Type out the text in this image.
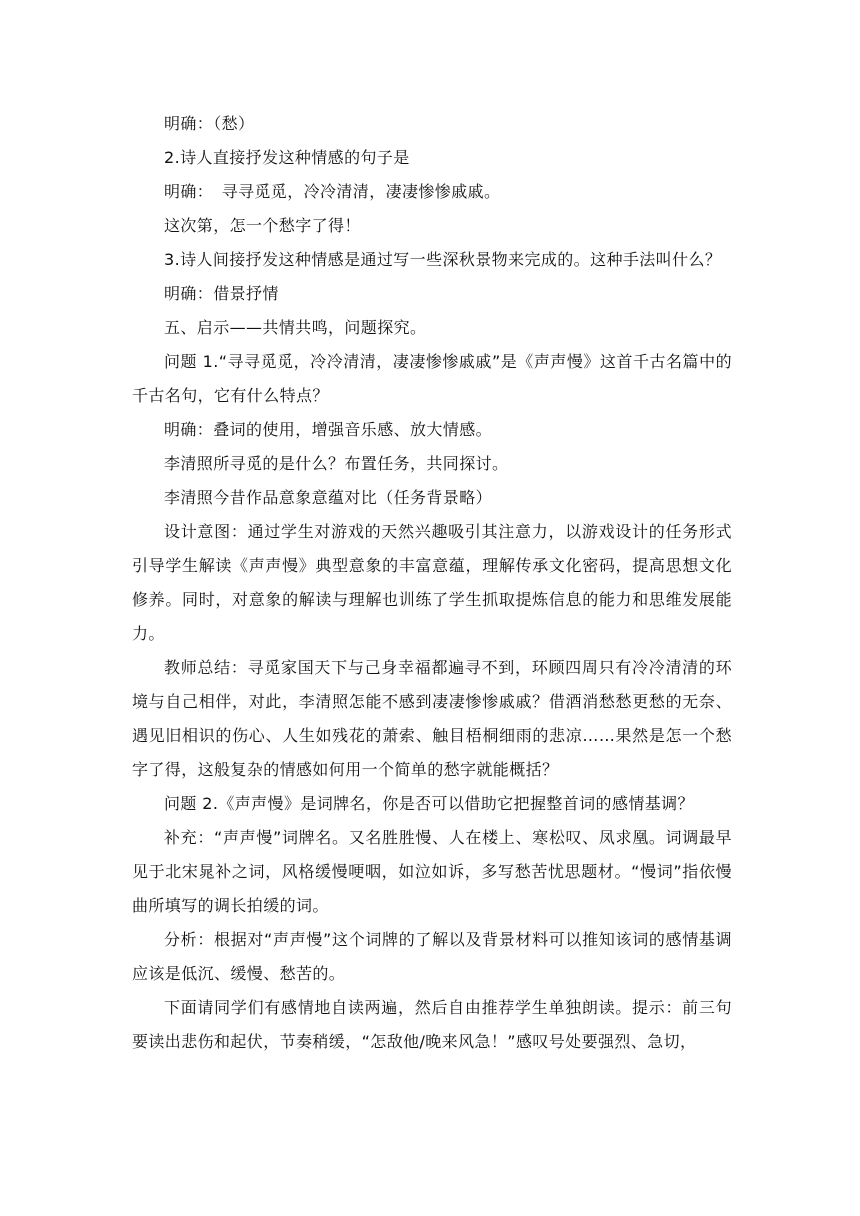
明确：（愁）

2.诗人直接抒发这种情感的句子是

明确：　寻寻觅觅，冷冷清清，凄凄惨惨戚戚。

这次第，怎一个愁字了得！

3.诗人间接抒发这种情感是通过写一些深秋景物来完成的。这种手法叫什么？

明确：借景抒情

五、启示——共情共鸣，问题探究。

问题 1.“寻寻觅觅，冷冷清清，凄凄惨惨戚戚”是《声声慢》这首千古名篇中的千古名句，它有什么特点？

明确：叠词的使用，增强音乐感、放大情感。

李清照所寻觅的是什么？布置任务，共同探讨。

李清照今昔作品意象意蕴对比（任务背景略）

设计意图：通过学生对游戏的天然兴趣吸引其注意力，以游戏设计的任务形式引导学生解读《声声慢》典型意象的丰富意蕴，理解传承文化密码，提高思想文化修养。同时，对意象的解读与理解也训练了学生抓取提炼信息的能力和思维发展能力。

教师总结：寻觅家国天下与己身幸福都遍寻不到，环顾四周只有冷冷清清的环境与自己相伴，对此，李清照怎能不感到凄凄惨惨戚戚？借酒消愁愁更愁的无奈、遇见旧相识的伤心、人生如残花的萧索、触目梧桐细雨的悲凉……果然是怎一个愁字了得，这般复杂的情感如何用一个简单的愁字就能概括？

问题 2.《声声慢》是词牌名，你是否可以借助它把握整首词的感情基调？

补充：“声声慢”词牌名。又名胜胜慢、人在楼上、寒松叹、凤求凰。词调最早见于北宋晁补之词，风格缓慢哽咽，如泣如诉，多写愁苦忧思题材。“慢词”指依慢曲所填写的调长拍缓的词。

分析：根据对“声声慢”这个词牌的了解以及背景材料可以推知该词的感情基调应该是低沉、缓慢、愁苦的。

下面请同学们有感情地自读两遍，然后自由推荐学生单独朗读。提示：前三句要读出悲伤和起伏，节奏稍缓，“怎敌他/晚来风急！”感叹号处要强烈、急切，
